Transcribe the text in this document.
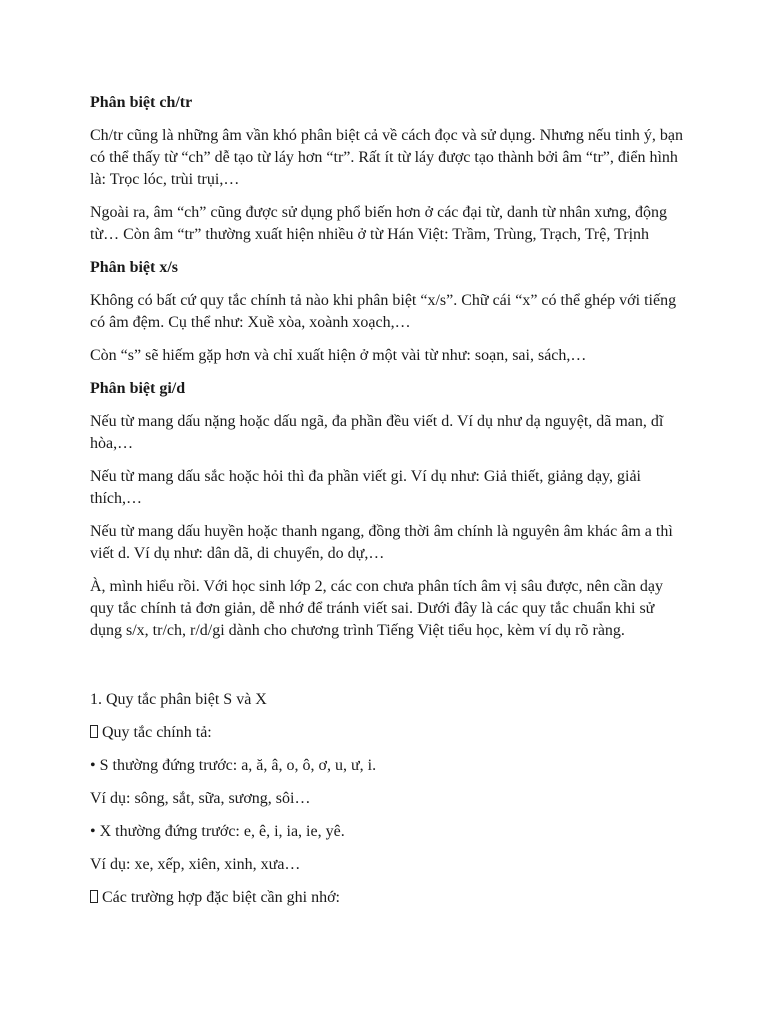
Phân biệt ch/tr

Ch/tr cũng là những âm vần khó phân biệt cả về cách đọc và sử dụng. Nhưng nếu tinh ý, bạn có thể thấy từ “ch” dễ tạo từ láy hơn “tr”. Rất ít từ láy được tạo thành bởi âm “tr”, điển hình là: Trọc lóc, trùi trụi,…

Ngoài ra, âm “ch” cũng được sử dụng phổ biến hơn ở các đại từ, danh từ nhân xưng, động từ… Còn âm “tr” thường xuất hiện nhiều ở từ Hán Việt: Trầm, Trùng, Trạch, Trệ, Trịnh

Phân biệt x/s

Không có bất cứ quy tắc chính tả nào khi phân biệt “x/s”. Chữ cái “x” có thể ghép với tiếng có âm đệm. Cụ thể như: Xuề xòa, xoành xoạch,…

Còn “s” sẽ hiếm gặp hơn và chỉ xuất hiện ở một vài từ như: soạn, sai, sách,…

Phân biệt gi/d

Nếu từ mang dấu nặng hoặc dấu ngã, đa phần đều viết d. Ví dụ như dạ nguyệt, dã man, dĩ hòa,…

Nếu từ mang dấu sắc hoặc hỏi thì đa phần viết gi. Ví dụ như: Giả thiết, giảng dạy, giải thích,…

Nếu từ mang dấu huyền hoặc thanh ngang, đồng thời âm chính là nguyên âm khác âm a thì viết d. Ví dụ như: dân dã, di chuyển, do dự,…

À, mình hiểu rồi. Với học sinh lớp 2, các con chưa phân tích âm vị sâu được, nên cần dạy quy tắc chính tả đơn giản, dễ nhớ để tránh viết sai. Dưới đây là các quy tắc chuẩn khi sử dụng s/x, tr/ch, r/d/gi dành cho chương trình Tiếng Việt tiểu học, kèm ví dụ rõ ràng.

1. Quy tắc phân biệt S và X

Quy tắc chính tả:

• S thường đứng trước: a, ă, â, o, ô, ơ, u, ư, i.

Ví dụ: sông, sắt, sữa, sương, sôi…

• X thường đứng trước: e, ê, i, ia, ie, yê.

Ví dụ: xe, xếp, xiên, xinh, xưa…

Các trường hợp đặc biệt cần ghi nhớ:
